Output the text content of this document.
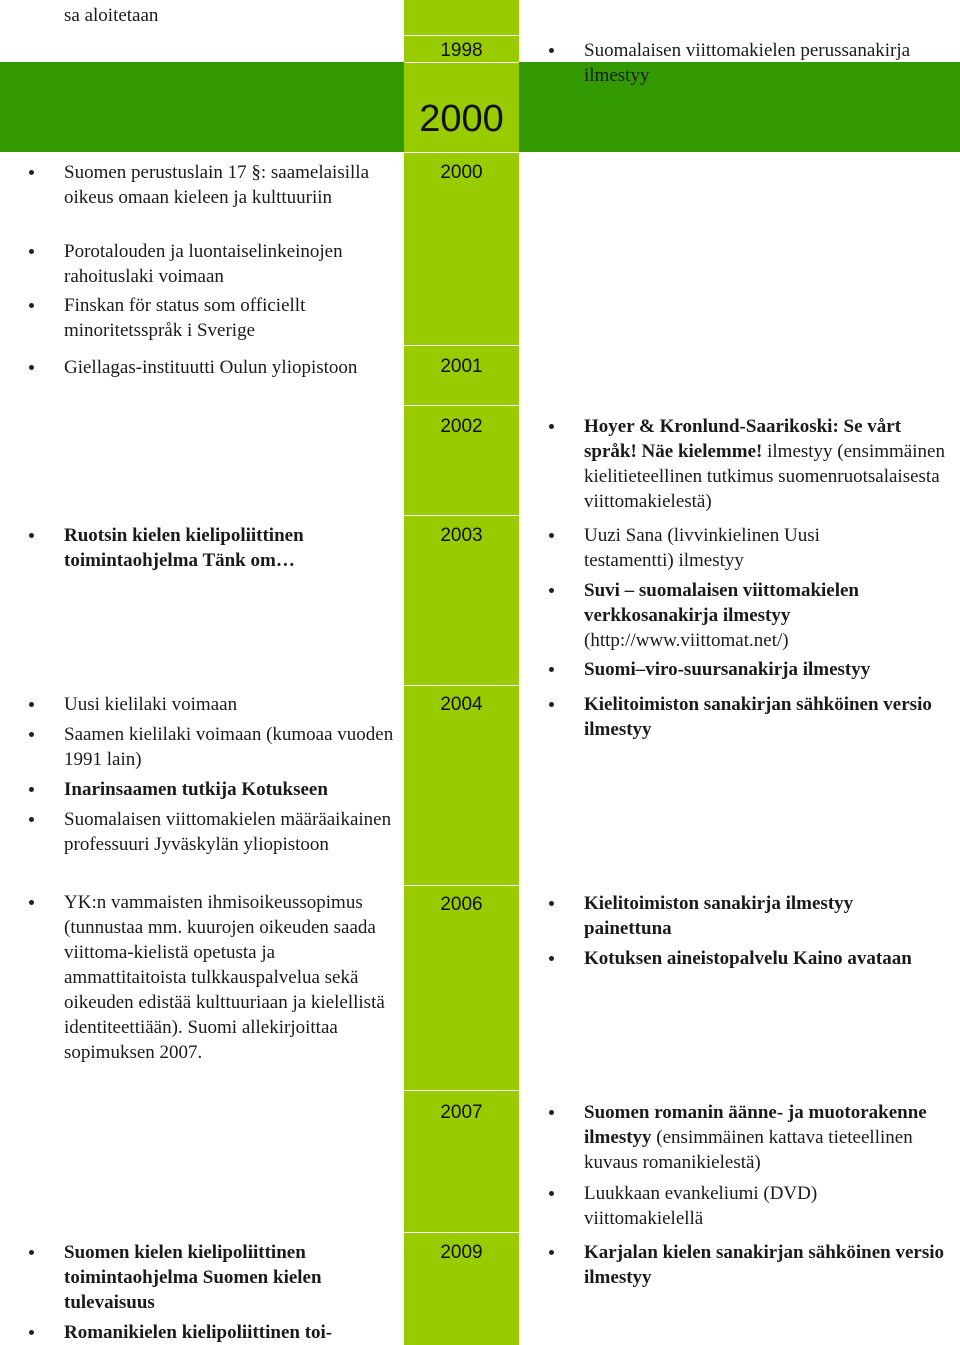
sa aloitetaan
1998
2000
2000
2001
2002
2003
2004
2006
2007
2009
Suomen perustuslain 17 §: saamelaisilla oikeus omaan kieleen ja kulttuuriin
Porotalouden ja luontaiselinkeinojen rahoituslaki voimaan
Finskan för status som officiellt minoritetsspråk i Sverige
Giellagas-instituutti Oulun yliopistoon
Ruotsin kielen kielipoliittinen toimintaohjelma Tänk om…
Uusi kielilaki voimaan
Saamen kielilaki voimaan (kumoaa vuoden 1991 lain)
Inarinsaamen tutkija Kotukseen
Suomalaisen viittomakielen määräaikainen professuuri Jyväskylän yliopistoon
YK:n vammaisten ihmisoikeussopimus (tunnustaa mm. kuurojen oikeuden saada viittoma-kielistä opetusta ja ammattitaitoista tulkkauspalvelua sekä oikeuden edistää kulttuuriaan ja kielellistä identiteettiään). Suomi allekirjoittaa sopimuksen 2007.
Suomen kielen kielipoliittinen toimintaohjelma Suomen kielen tulevaisuus
Romanikielen kielipoliittinen toi-
Suomalaisen viittomakielen perussanakirja ilmestyy
Hoyer & Kronlund-Saarikoski: Se vårt språk! Näe kielemme! ilmestyy (ensimmäinen kielitieteellinen tutkimus suomenruotsalaisesta viittomakielestä)
Uuzi Sana (livvinkielinen Uusi testamentti) ilmestyy
Suvi – suomalaisen viittomakielen verkkosanakirja ilmestyy (http://www.viittomat.net/)
Suomi–viro-suursanakirja ilmestyy
Kielitoimiston sanakirjan sähköinen versio ilmestyy
Kielitoimiston sanakirja ilmestyy painettuna
Kotuksen aineistopalvelu Kaino avataan
Suomen romanin äänne- ja muotorakenne ilmestyy (ensimmäinen kattava tieteellinen kuvaus romanikielestä)
Luukkaan evankeliumi (DVD) viittomakielellä
Karjalan kielen sanakirjan sähköinen versio ilmestyy
